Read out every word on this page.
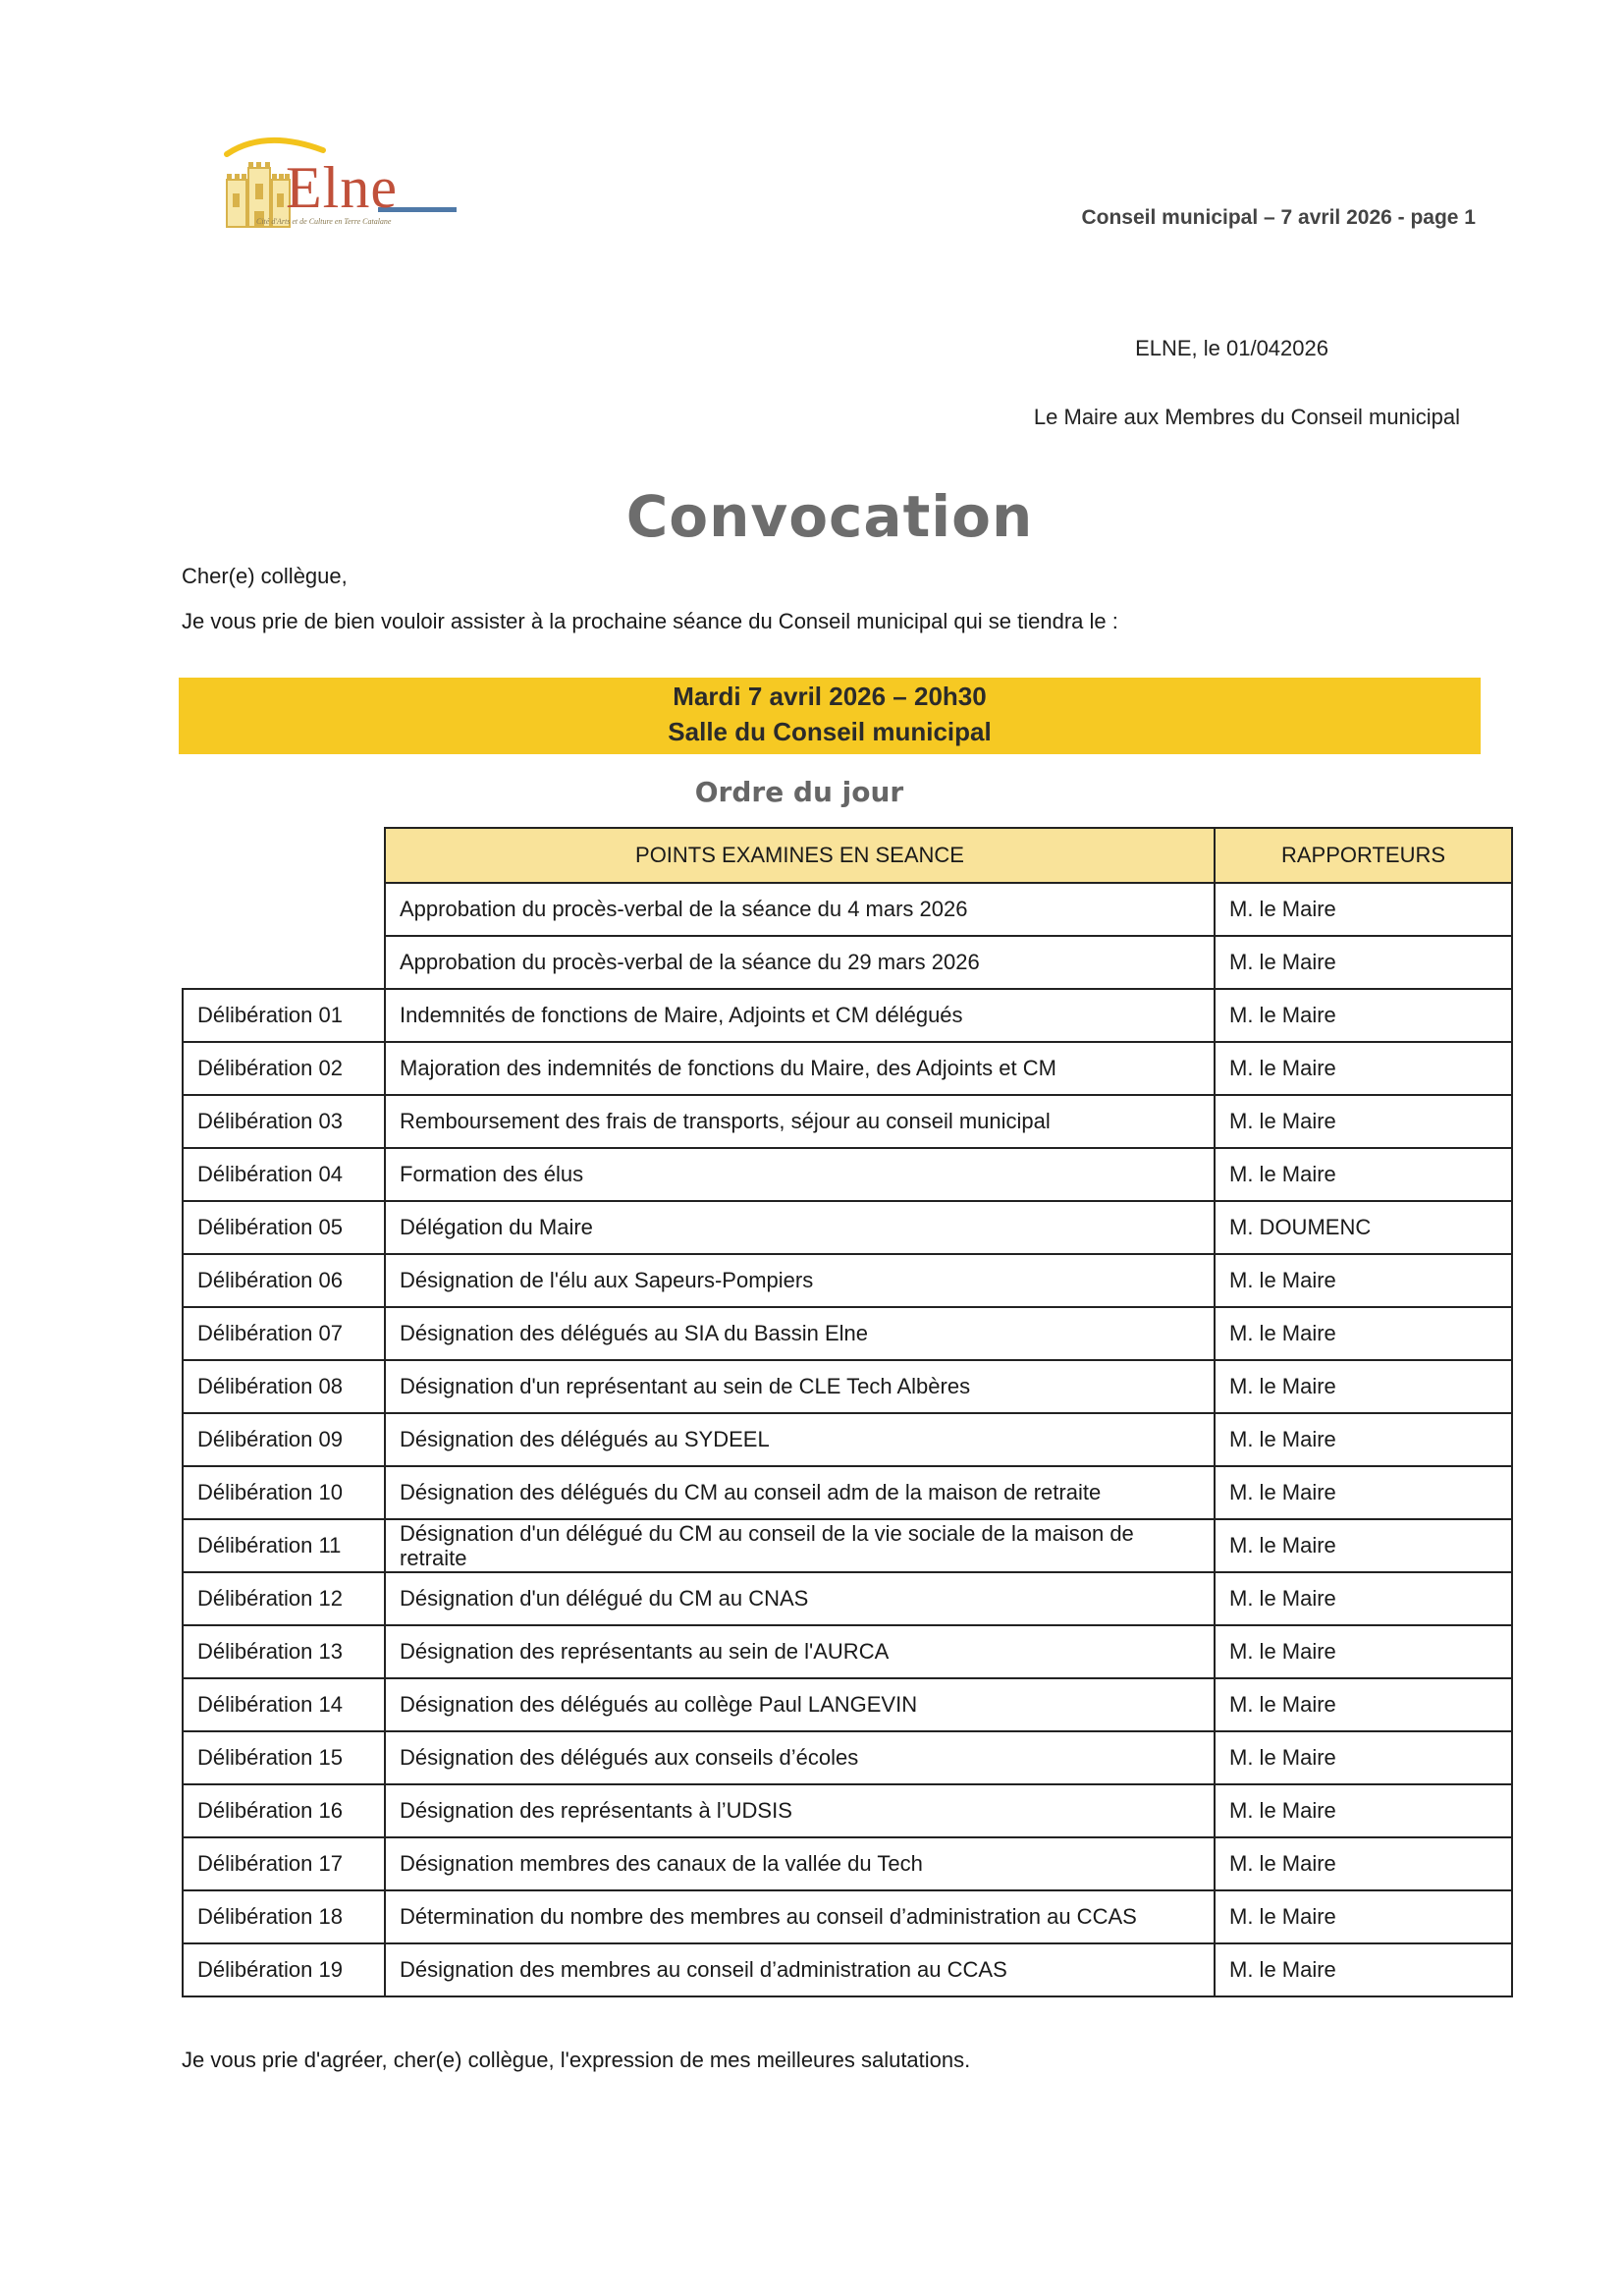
Elne
Cité d'Arts et de Culture en Terre Catalane	Conseil municipal – 7 avril 2026 - page 1
ELNE, le 01/042026
Le Maire aux Membres du Conseil municipal
Convocation
Cher(e) collègue,
Je vous prie de bien vouloir assister à la prochaine séance du Conseil municipal qui se tiendra le :
Mardi 7 avril 2026 – 20h30
Salle du Conseil municipal
Ordre du jour
	POINTS EXAMINES EN SEANCE	RAPPORTEURS
	Approbation du procès-verbal de la séance du 4 mars 2026	M. le Maire
	Approbation du procès-verbal de la séance du 29 mars 2026	M. le Maire
Délibération 01	Indemnités de fonctions de Maire, Adjoints et CM délégués	M. le Maire
Délibération 02	Majoration des indemnités de fonctions du Maire, des Adjoints et CM	M. le Maire
Délibération 03	Remboursement des frais de transports, séjour au conseil municipal	M. le Maire
Délibération 04	Formation des élus	M. le Maire
Délibération 05	Délégation du Maire	M. DOUMENC
Délibération 06	Désignation de l'élu aux Sapeurs-Pompiers	M. le Maire
Délibération 07	Désignation des délégués au SIA du Bassin Elne	M. le Maire
Délibération 08	Désignation d'un représentant au sein de CLE Tech Albères	M. le Maire
Délibération 09	Désignation des délégués au SYDEEL	M. le Maire
Délibération 10	Désignation des délégués du CM au conseil adm de la maison de retraite	M. le Maire
Délibération 11	Désignation d'un délégué du CM au conseil de la vie sociale de la maison de retraite	M. le Maire
Délibération 12	Désignation d'un délégué du CM au CNAS	M. le Maire
Délibération 13	Désignation des représentants au sein de l'AURCA	M. le Maire
Délibération 14	Désignation des délégués au collège Paul LANGEVIN	M. le Maire
Délibération 15	Désignation des délégués aux conseils d’écoles	M. le Maire
Délibération 16	Désignation des représentants à l’UDSIS	M. le Maire
Délibération 17	Désignation membres des canaux de la vallée du Tech	M. le Maire
Délibération 18	Détermination du nombre des membres au conseil d’administration au CCAS	M. le Maire
Délibération 19	Désignation des membres au conseil d’administration au CCAS	M. le Maire
Je vous prie d'agréer, cher(e) collègue, l'expression de mes meilleures salutations.
